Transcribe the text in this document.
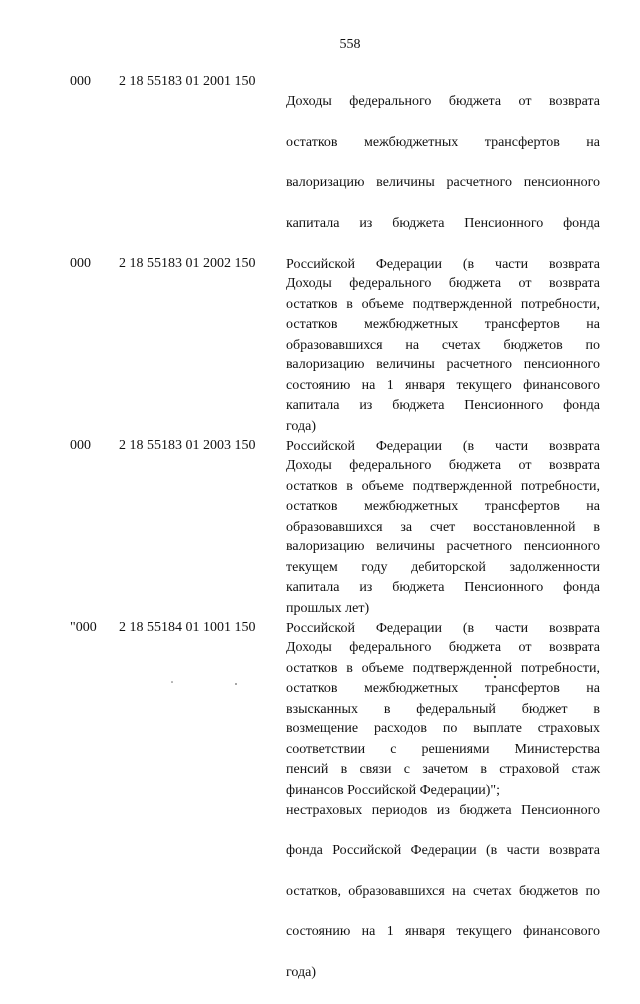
558
000 2 18 55183 01 2001 150

Доходы федерального бюджета от возврата

остатков межбюджетных трансфертов на

валоризацию величины расчетного пенсионного

капитала из бюджета Пенсионного фонда

Российской Федерации (в части возврата

остатков в объеме подтвержденной потребности,

образовавшихся на счетах бюджетов по

состоянию на 1 января текущего финансового

года)

000 2 18 55183 01 2002 150

Доходы федерального бюджета от возврата

остатков межбюджетных трансфертов на

валоризацию величины расчетного пенсионного

капитала из бюджета Пенсионного фонда

Российской Федерации (в части возврата

остатков в объеме подтвержденной потребности,

образовавшихся за счет восстановленной в

текущем году дебиторской задолженности

прошлых лет)

000 2 18 55183 01 2003 150

Доходы федерального бюджета от возврата

остатков межбюджетных трансфертов на

валоризацию величины расчетного пенсионного

капитала из бюджета Пенсионного фонда

Российской Федерации (в части возврата

остатков в объеме подтвержденной потребности,

взысканных в федеральный бюджет в

соответствии с решениями Министерства

финансов Российской Федерации)";

"000 2 18 55184 01 1001 150

Доходы федерального бюджета от возврата

остатков межбюджетных трансфертов на

возмещение расходов по выплате страховых

пенсий в связи с зачетом в страховой стаж

нестраховых периодов из бюджета Пенсионного

фонда Российской Федерации (в части возврата

остатков, образовавшихся на счетах бюджетов по

состоянию на 1 января текущего финансового

года)
